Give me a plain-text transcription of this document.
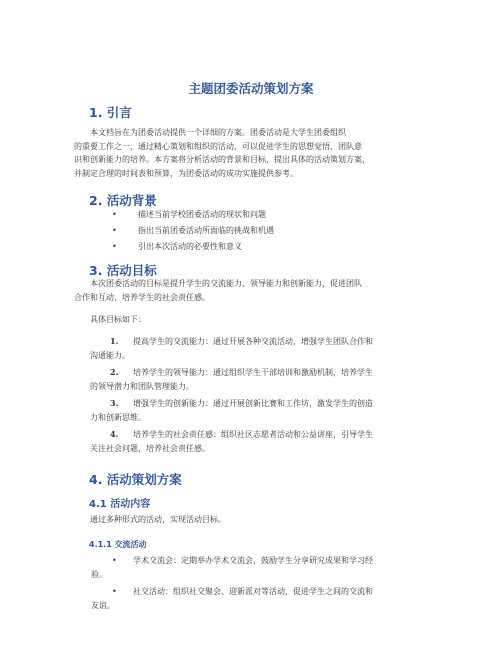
主题团委活动策划方案
1. 引言
本文档旨在为团委活动提供一个详细的方案。团委活动是大学生团委组织
的重要工作之一，通过精心策划和组织的活动，可以促进学生的思想觉悟、团队意
识和创新能力的培养。本方案将分析活动的背景和目标，提出具体的活动策划方案，
并制定合理的时间表和预算，为团委活动的成功实施提供参考。
2. 活动背景
•	描述当前学校团委活动的现状和问题
•	指出当前团委活动所面临的挑战和机遇
•	引出本次活动的必要性和意义
3. 活动目标
本次团委活动的目标是提升学生的交流能力、领导能力和创新能力，促进团队
合作和互动，培养学生的社会责任感。
具体目标如下：
1. 提高学生的交流能力：通过开展各种交流活动，增强学生团队合作和
沟通能力。
2. 培养学生的领导能力：通过组织学生干部培训和激励机制，培养学生
的领导潜力和团队管理能力。
3. 增强学生的创新能力：通过开展创新比赛和工作坊，激发学生的创造
力和创新思维。
4. 培养学生的社会责任感：组织社区志愿者活动和公益讲座，引导学生
关注社会问题，培养社会责任感。
4. 活动策划方案
4.1 活动内容
通过多种形式的活动，实现活动目标。
4.1.1 交流活动
• 学术交流会：定期举办学术交流会，鼓励学生分享研究成果和学习经
验。
• 社交活动：组织社交聚会、迎新派对等活动，促进学生之间的交流和
友谊。
